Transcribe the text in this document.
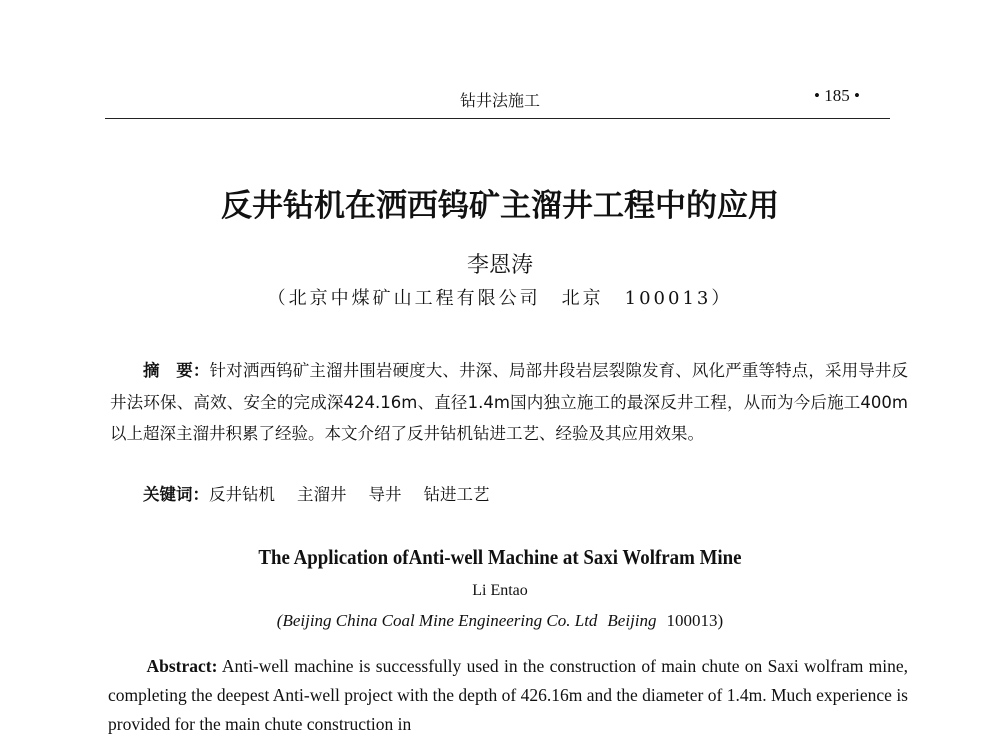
钻井法施工	• 185 •
反井钻机在洒西钨矿主溜井工程中的应用
李恩涛
（北京中煤矿山工程有限公司　北京　100013）
摘　要：针对洒西钨矿主溜井围岩硬度大、井深、局部井段岩层裂隙发育、风化严重等特点，采用导井反井法环保、高效、安全的完成深424.16m、直径1.4m国内独立施工的最深反井工程，从而为今后施工400m以上超深主溜井积累了经验。本文介绍了反井钻机钻进工艺、经验及其应用效果。
关键词：反井钻机 主溜井 导井 钻进工艺
The Application ofAnti-well Machine at Saxi Wolfram Mine
Li Entao
(Beijing China Coal Mine Engineering Co. Ltd Beijing 100013)
Abstract: Anti-well machine is successfully used in the construction of main chute on Saxi wolfram mine, completing the deepest Anti-well project with the depth of 426.16m and the diameter of 1.4m. Much experience is provided for the main chute construction in
